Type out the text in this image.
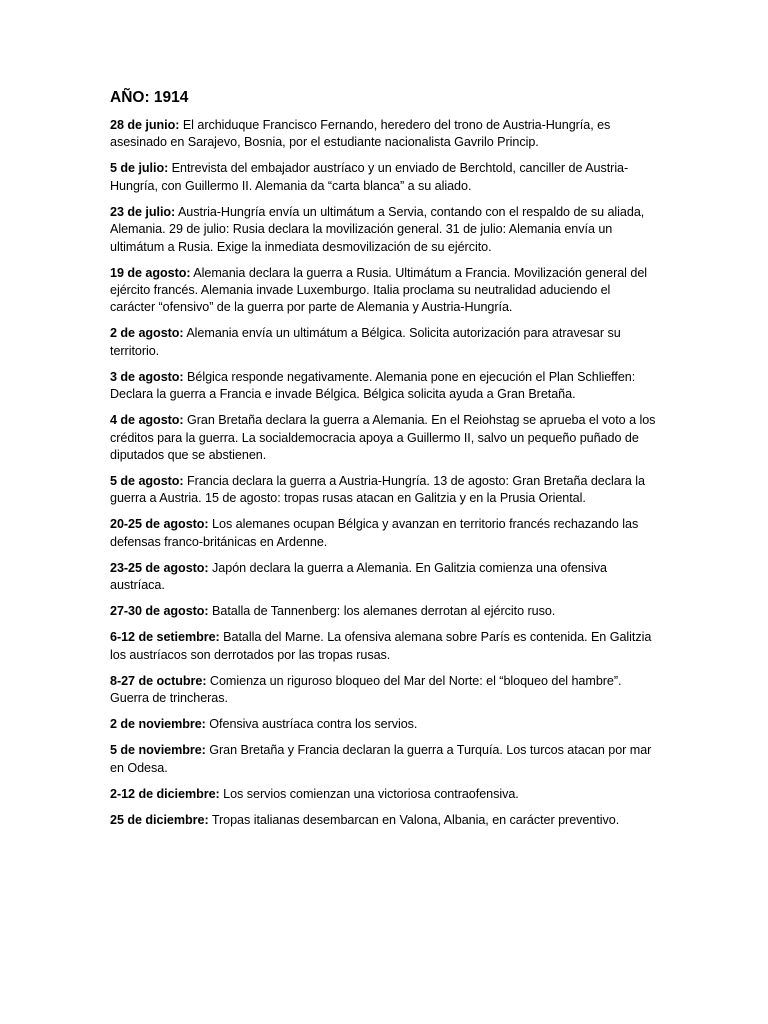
AÑO: 1914

28 de junio: El archiduque Francisco Fernando, heredero del trono de Austria-Hungría, es asesinado en Sarajevo, Bosnia, por el estudiante nacionalista Gavrilo Princip.

5 de julio: Entrevista del embajador austríaco y un enviado de Berchtold, canciller de Austria-Hungría, con Guillermo II. Alemania da “carta blanca” a su aliado.

23 de julio: Austria-Hungría envía un ultimátum a Servia, contando con el respaldo de su aliada, Alemania. 29 de julio: Rusia declara la movilización general. 31 de julio: Alemania envía un ultimátum a Rusia. Exige la inmediata desmovilización de su ejército.

19 de agosto: Alemania declara la guerra a Rusia. Ultimátum a Francia. Movilización general del ejército francés. Alemania invade Luxemburgo. Italia proclama su neutralidad aduciendo el carácter “ofensivo” de la guerra por parte de Alemania y Austria-Hungría.

2 de agosto: Alemania envía un ultimátum a Bélgica. Solicita autorización para atravesar su territorio.

3 de agosto: Bélgica responde negativamente. Alemania pone en ejecución el Plan Schlieffen: Declara la guerra a Francia e invade Bélgica. Bélgica solicita ayuda a Gran Bretaña.

4 de agosto: Gran Bretaña declara la guerra a Alemania. En el Reiohstag se aprueba el voto a los créditos para la guerra. La socialdemocracia apoya a Guillermo II, salvo un pequeño puñado de diputados que se abstienen.

5 de agosto: Francia declara la guerra a Austria-Hungría. 13 de agosto: Gran Bretaña declara la guerra a Austria. 15 de agosto: tropas rusas atacan en Galitzia y en la Prusia Oriental.

20-25 de agosto: Los alemanes ocupan Bélgica y avanzan en territorio francés rechazando las defensas franco-británicas en Ardenne.

23-25 de agosto: Japón declara la guerra a Alemania. En Galitzia comienza una ofensiva austríaca.

27-30 de agosto: Batalla de Tannenberg: los alemanes derrotan al ejército ruso.

6-12 de setiembre: Batalla del Marne. La ofensiva alemana sobre París es contenida. En Galitzia los austríacos son derrotados por las tropas rusas.

8-27 de octubre: Comienza un riguroso bloqueo del Mar del Norte: el “bloqueo del hambre”. Guerra de trincheras.

2 de noviembre: Ofensiva austríaca contra los servios.

5 de noviembre: Gran Bretaña y Francia declaran la guerra a Turquía. Los turcos atacan por mar en Odesa.

2-12 de diciembre: Los servios comienzan una victoriosa contraofensiva.

25 de diciembre: Tropas italianas desembarcan en Valona, Albania, en carácter preventivo.
